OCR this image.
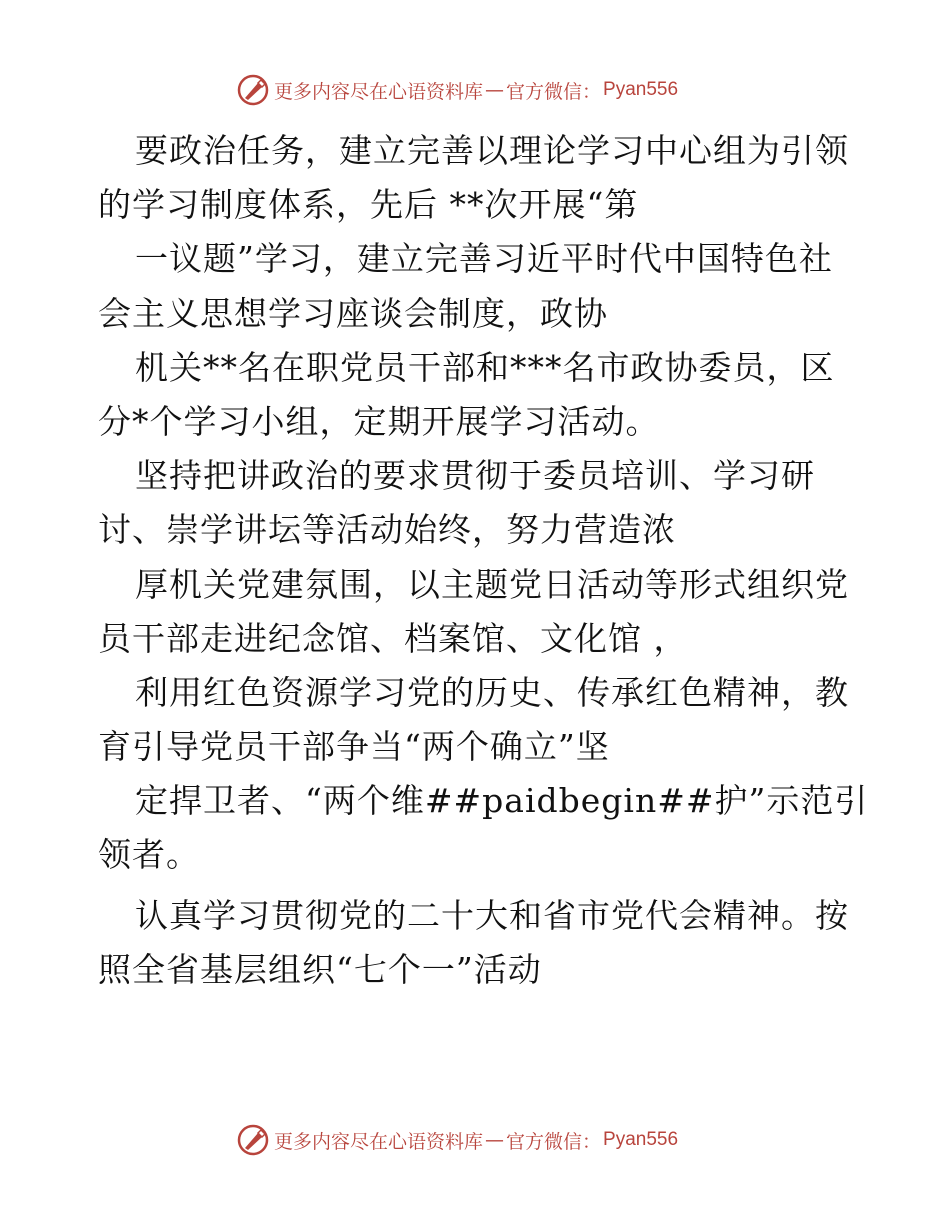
更多内容尽在心语资料库 — 官方微信： Pyan556
要政治任务，建立完善以理论学习中心组为引领
的学习制度体系，先后 **次开展“第
一议题”学习，建立完善习近平时代中国特色社
会主义思想学习座谈会制度，政协
机关**名在职党员干部和***名市政协委员，区
分*个学习小组，定期开展学习活动。
坚持把讲政治的要求贯彻于委员培训、学习研
讨、崇学讲坛等活动始终，努力营造浓
厚机关党建氛围，以主题党日活动等形式组织党
员干部走进纪念馆、档案馆、文化馆 ，
利用红色资源学习党的历史、传承红色精神，教
育引导党员干部争当“两个确立”坚
定捍卫者、“两个维##paidbegin##护”示范引
领者。
认真学习贯彻党的二十大和省市党代会精神。按
照全省基层组织“七个一”活动
更多内容尽在心语资料库 — 官方微信： Pyan556
